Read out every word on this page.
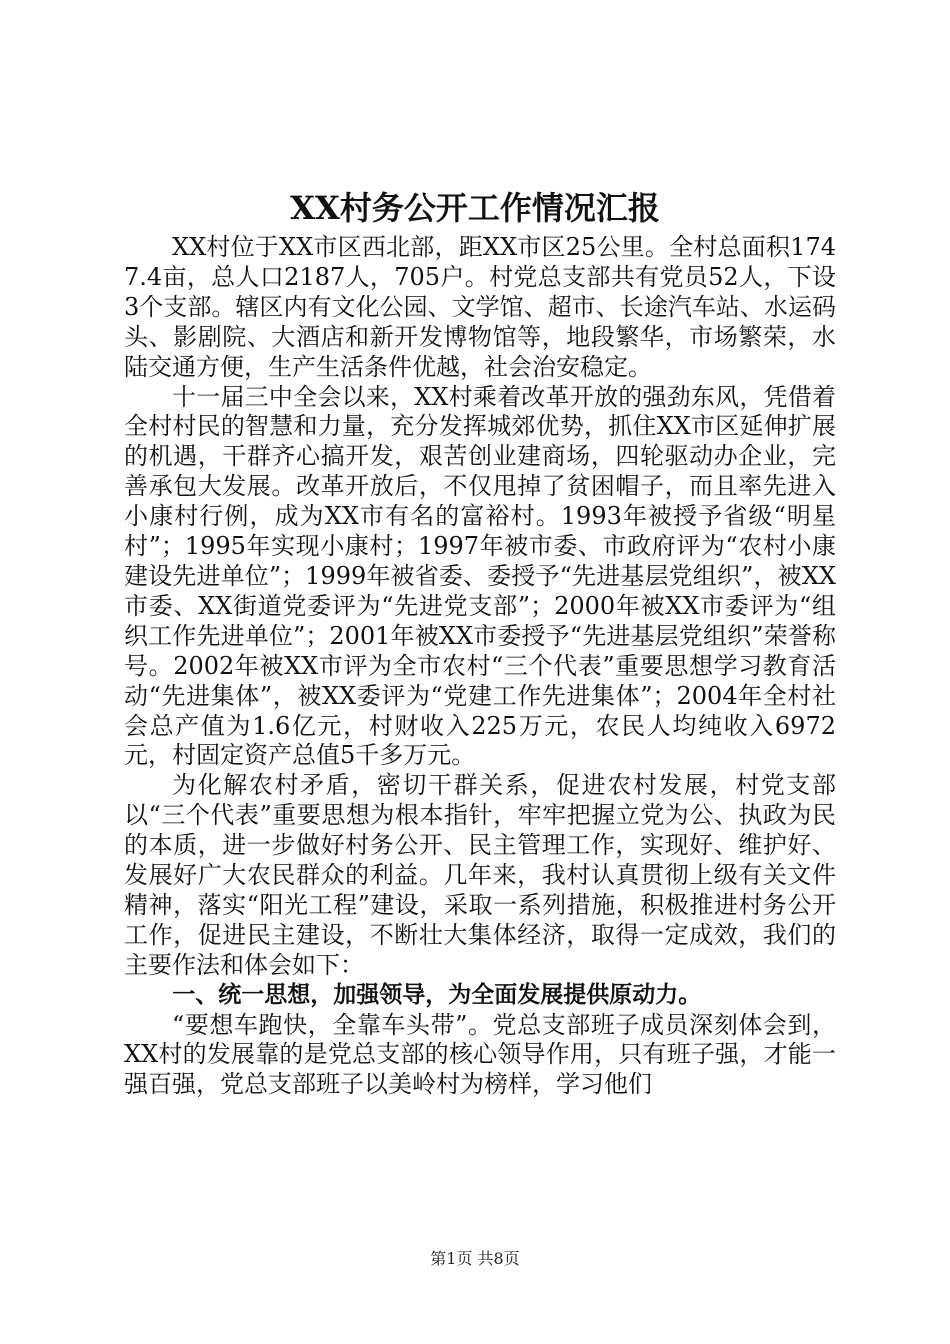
XX村务公开工作情况汇报

XX村位于XX市区西北部，距XX市区25公里。全村总面积1747.4亩，总人口2187人，705户。村党总支部共有党员52人，下设3个支部。辖区内有文化公园、文学馆、超市、长途汽车站、水运码头、影剧院、大酒店和新开发博物馆等，地段繁华，市场繁荣，水陆交通方便，生产生活条件优越，社会治安稳定。

十一届三中全会以来，XX村乘着改革开放的强劲东风，凭借着全村村民的智慧和力量，充分发挥城郊优势，抓住XX市区延伸扩展的机遇，干群齐心搞开发，艰苦创业建商场，四轮驱动办企业，完善承包大发展。改革开放后，不仅甩掉了贫困帽子，而且率先进入小康村行例，成为XX市有名的富裕村。1993年被授予省级“明星村”；1995年实现小康村；1997年被市委、市政府评为“农村小康建设先进单位”；1999年被省委、委授予“先进基层党组织”，被XX市委、XX街道党委评为“先进党支部”；2000年被XX市委评为“组织工作先进单位”；2001年被XX市委授予“先进基层党组织”荣誉称号。2002年被XX市评为全市农村“三个代表”重要思想学习教育活动“先进集体”，被XX委评为“党建工作先进集体”；2004年全村社会总产值为1.6亿元，村财收入225万元，农民人均纯收入6972元，村固定资产总值5千多万元。

为化解农村矛盾，密切干群关系，促进农村发展，村党支部以“三个代表”重要思想为根本指针，牢牢把握立党为公、执政为民的本质，进一步做好村务公开、民主管理工作，实现好、维护好、发展好广大农民群众的利益。几年来，我村认真贯彻上级有关文件精神，落实“阳光工程”建设，采取一系列措施，积极推进村务公开工作，促进民主建设，不断壮大集体经济，取得一定成效，我们的主要作法和体会如下：

一、统一思想，加强领导，为全面发展提供原动力。

“要想车跑快，全靠车头带”。党总支部班子成员深刻体会到，XX村的发展靠的是党总支部的核心领导作用，只有班子强，才能一强百强，党总支部班子以美岭村为榜样，学习他们

第1页 共8页
